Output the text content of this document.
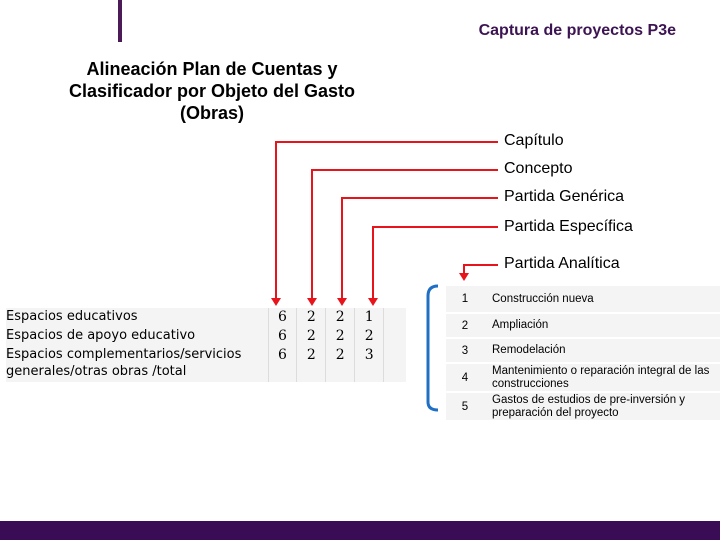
Captura de proyectos P3e
Alineación Plan de Cuentas y Clasificador por Objeto del Gasto (Obras)
Capítulo
Concepto
Partida Genérica
Partida Específica
Partida Analítica
Espacios educativos	6	2	2	1	
Espacios de apoyo educativo	6	2	2	2	
Espacios complementarios/servicios generales/otras obras /total	6	2	2	3	
1	Construcción nueva
2	Ampliación
3	Remodelación
4	Mantenimiento o reparación integral de las construcciones
5	Gastos de estudios de pre-inversión y preparación del proyecto
